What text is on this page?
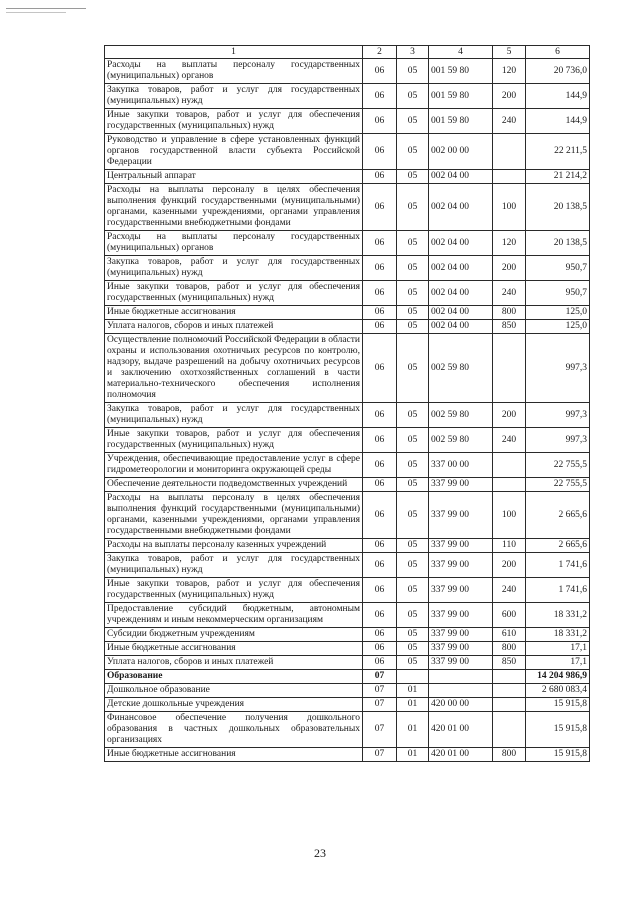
1	2	3	4	5	6
Расходы на выплаты персоналу государственных (муниципальных) органов	06	05	001 59 80	120	20 736,0
Закупка товаров, работ и услуг для государственных (муниципальных) нужд	06	05	001 59 80	200	144,9
Иные закупки товаров, работ и услуг для обеспечения государственных (муниципальных) нужд	06	05	001 59 80	240	144,9
Руководство и управление в сфере установленных функций органов государственной власти субъекта Российской Федерации	06	05	002 00 00		22 211,5
Центральный аппарат	06	05	002 04 00		21 214,2
Расходы на выплаты персоналу в целях обеспечения выполнения функций государственными (муниципальными) органами, казенными учреждениями, органами управления государственными внебюджетными фондами	06	05	002 04 00	100	20 138,5
Расходы на выплаты персоналу государственных (муниципальных) органов	06	05	002 04 00	120	20 138,5
Закупка товаров, работ и услуг для государственных (муниципальных) нужд	06	05	002 04 00	200	950,7
Иные закупки товаров, работ и услуг для обеспечения государственных (муниципальных) нужд	06	05	002 04 00	240	950,7
Иные бюджетные ассигнования	06	05	002 04 00	800	125,0
Уплата налогов, сборов и иных платежей	06	05	002 04 00	850	125,0
Осуществление полномочий Российской Федерации в области охраны и использования охотничьих ресурсов по контролю, надзору, выдаче разрешений на добычу охотничьих ресурсов и заключению охотхозяйственных соглашений в части материально-технического обеспечения исполнения полномочия	06	05	002 59 80		997,3
Закупка товаров, работ и услуг для государственных (муниципальных) нужд	06	05	002 59 80	200	997,3
Иные закупки товаров, работ и услуг для обеспечения государственных (муниципальных) нужд	06	05	002 59 80	240	997,3
Учреждения, обеспечивающие предоставление услуг в сфере гидрометеорологии и мониторинга окружающей среды	06	05	337 00 00		22 755,5
Обеспечение деятельности подведомственных учреждений	06	05	337 99 00		22 755,5
Расходы на выплаты персоналу в целях обеспечения выполнения функций государственными (муниципальными) органами, казенными учреждениями, органами управления государственными внебюджетными фондами	06	05	337 99 00	100	2 665,6
Расходы на выплаты персоналу казенных учреждений	06	05	337 99 00	110	2 665,6
Закупка товаров, работ и услуг для государственных (муниципальных) нужд	06	05	337 99 00	200	1 741,6
Иные закупки товаров, работ и услуг для обеспечения государственных (муниципальных) нужд	06	05	337 99 00	240	1 741,6
Предоставление субсидий бюджетным, автономным учреждениям и иным некоммерческим организациям	06	05	337 99 00	600	18 331,2
Субсидии бюджетным учреждениям	06	05	337 99 00	610	18 331,2
Иные бюджетные ассигнования	06	05	337 99 00	800	17,1
Уплата налогов, сборов и иных платежей	06	05	337 99 00	850	17,1
Образование	07				14 204 986,9
Дошкольное образование	07	01			2 680 083,4
Детские дошкольные учреждения	07	01	420 00 00		15 915,8
Финансовое обеспечение получения дошкольного образования в частных дошкольных образовательных организациях	07	01	420 01 00		15 915,8
Иные бюджетные ассигнования	07	01	420 01 00	800	15 915,8
23
